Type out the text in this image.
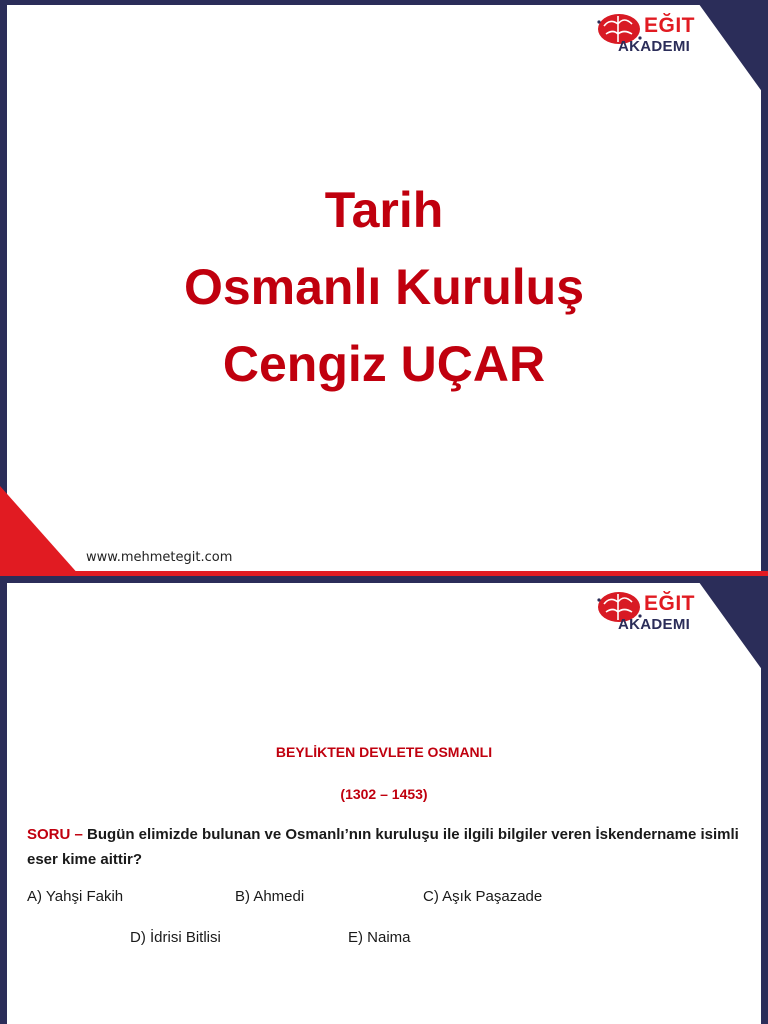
EĞIT
AKADEMI
Tarih
Osmanlı Kuruluş
Cengiz UÇAR
www.mehmetegit.com
EĞIT
AKADEMI
BEYLİKTEN DEVLETE OSMANLI
(1302 – 1453)
SORU – Bugün elimizde bulunan ve Osmanlı’nın kuruluşu ile ilgili bilgiler veren İskendername isimli eser kime aittir?
A) Yahşi Fakih	B) Ahmedi	C) Aşık Paşazade
D) İdrisi Bitlisi	E) Naima
